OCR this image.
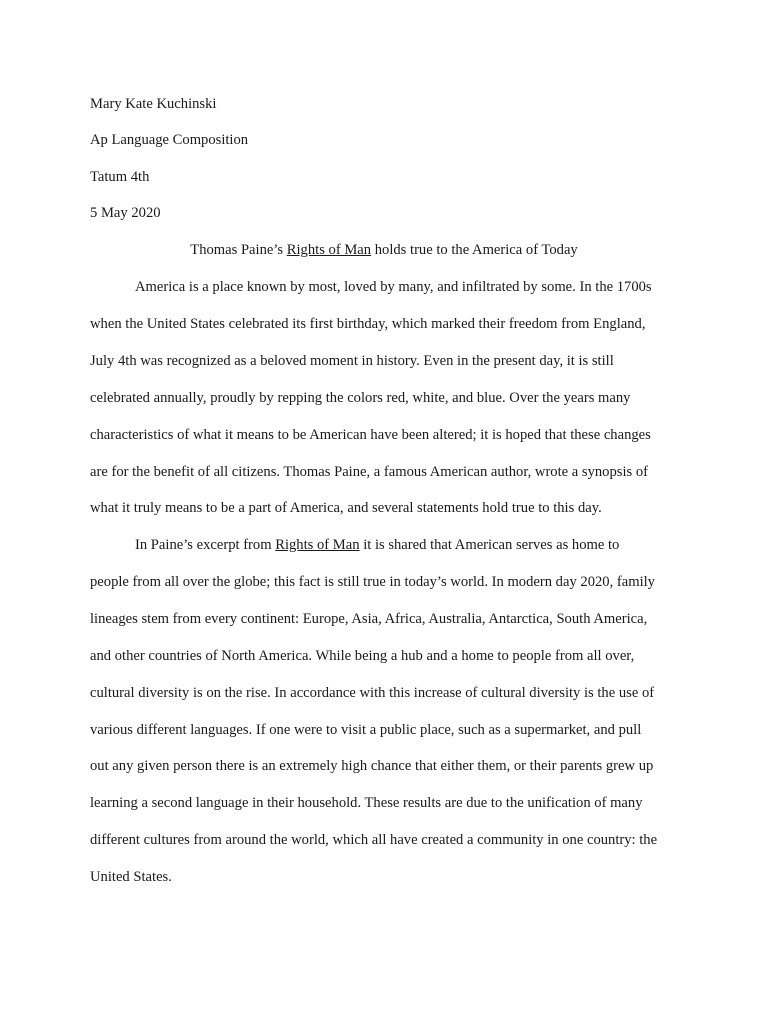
Mary Kate Kuchinski
Ap Language Composition
Tatum 4th
5 May 2020
Thomas Paine’s Rights of Man holds true to the America of Today
America is a place known by most, loved by many, and infiltrated by some. In the 1700s
when the United States celebrated its first birthday, which marked their freedom from England,
July 4th was recognized as a beloved moment in history. Even in the present day, it is still
celebrated annually, proudly by repping the colors red, white, and blue. Over the years many
characteristics of what it means to be American have been altered; it is hoped that these changes
are for the benefit of all citizens. Thomas Paine, a famous American author, wrote a synopsis of
what it truly means to be a part of America, and several statements hold true to this day.
In Paine’s excerpt from Rights of Man it is shared that American serves as home to
people from all over the globe; this fact is still true in today’s world. In modern day 2020, family
lineages stem from every continent: Europe, Asia, Africa, Australia, Antarctica, South America,
and other countries of North America. While being a hub and a home to people from all over,
cultural diversity is on the rise. In accordance with this increase of cultural diversity is the use of
various different languages. If one were to visit a public place, such as a supermarket, and pull
out any given person there is an extremely high chance that either them, or their parents grew up
learning a second language in their household. These results are due to the unification of many
different cultures from around the world, which all have created a community in one country: the
United States.
